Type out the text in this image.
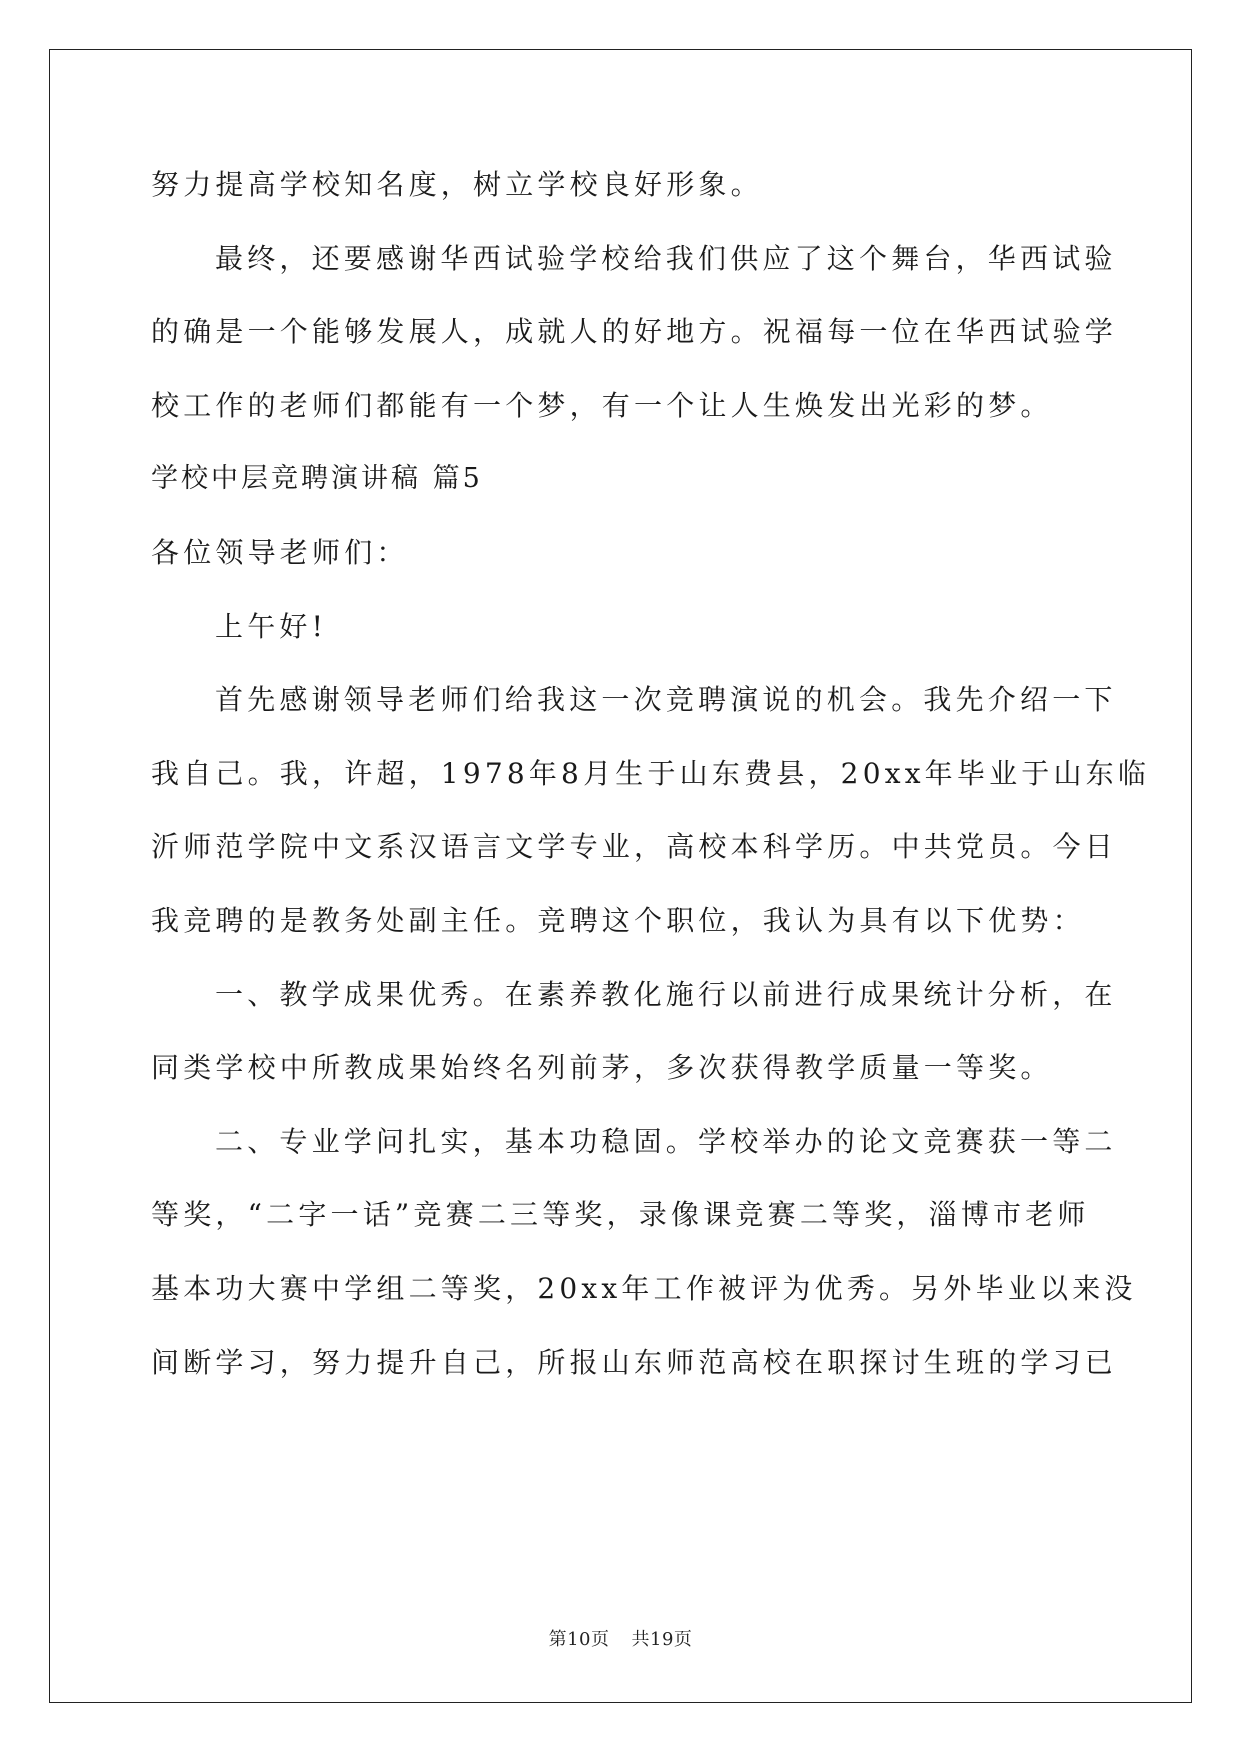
努力提高学校知名度，树立学校良好形象。
最终，还要感谢华西试验学校给我们供应了这个舞台，华西试验
的确是一个能够发展人，成就人的好地方。祝福每一位在华西试验学
校工作的老师们都能有一个梦，有一个让人生焕发出光彩的梦。
学校中层竞聘演讲稿 篇5
各位领导老师们：
上午好!
首先感谢领导老师们给我这一次竞聘演说的机会。我先介绍一下
我自己。我，许超，1978年8月生于山东费县，20xx年毕业于山东临
沂师范学院中文系汉语言文学专业，高校本科学历。中共党员。今日
我竞聘的是教务处副主任。竞聘这个职位，我认为具有以下优势：
一、教学成果优秀。在素养教化施行以前进行成果统计分析，在
同类学校中所教成果始终名列前茅，多次获得教学质量一等奖。
二、专业学问扎实，基本功稳固。学校举办的论文竞赛获一等二
等奖，“二字一话”竞赛二三等奖，录像课竞赛二等奖，淄博市老师
基本功大赛中学组二等奖，20xx年工作被评为优秀。另外毕业以来没
间断学习，努力提升自己，所报山东师范高校在职探讨生班的学习已
第10页 共19页
